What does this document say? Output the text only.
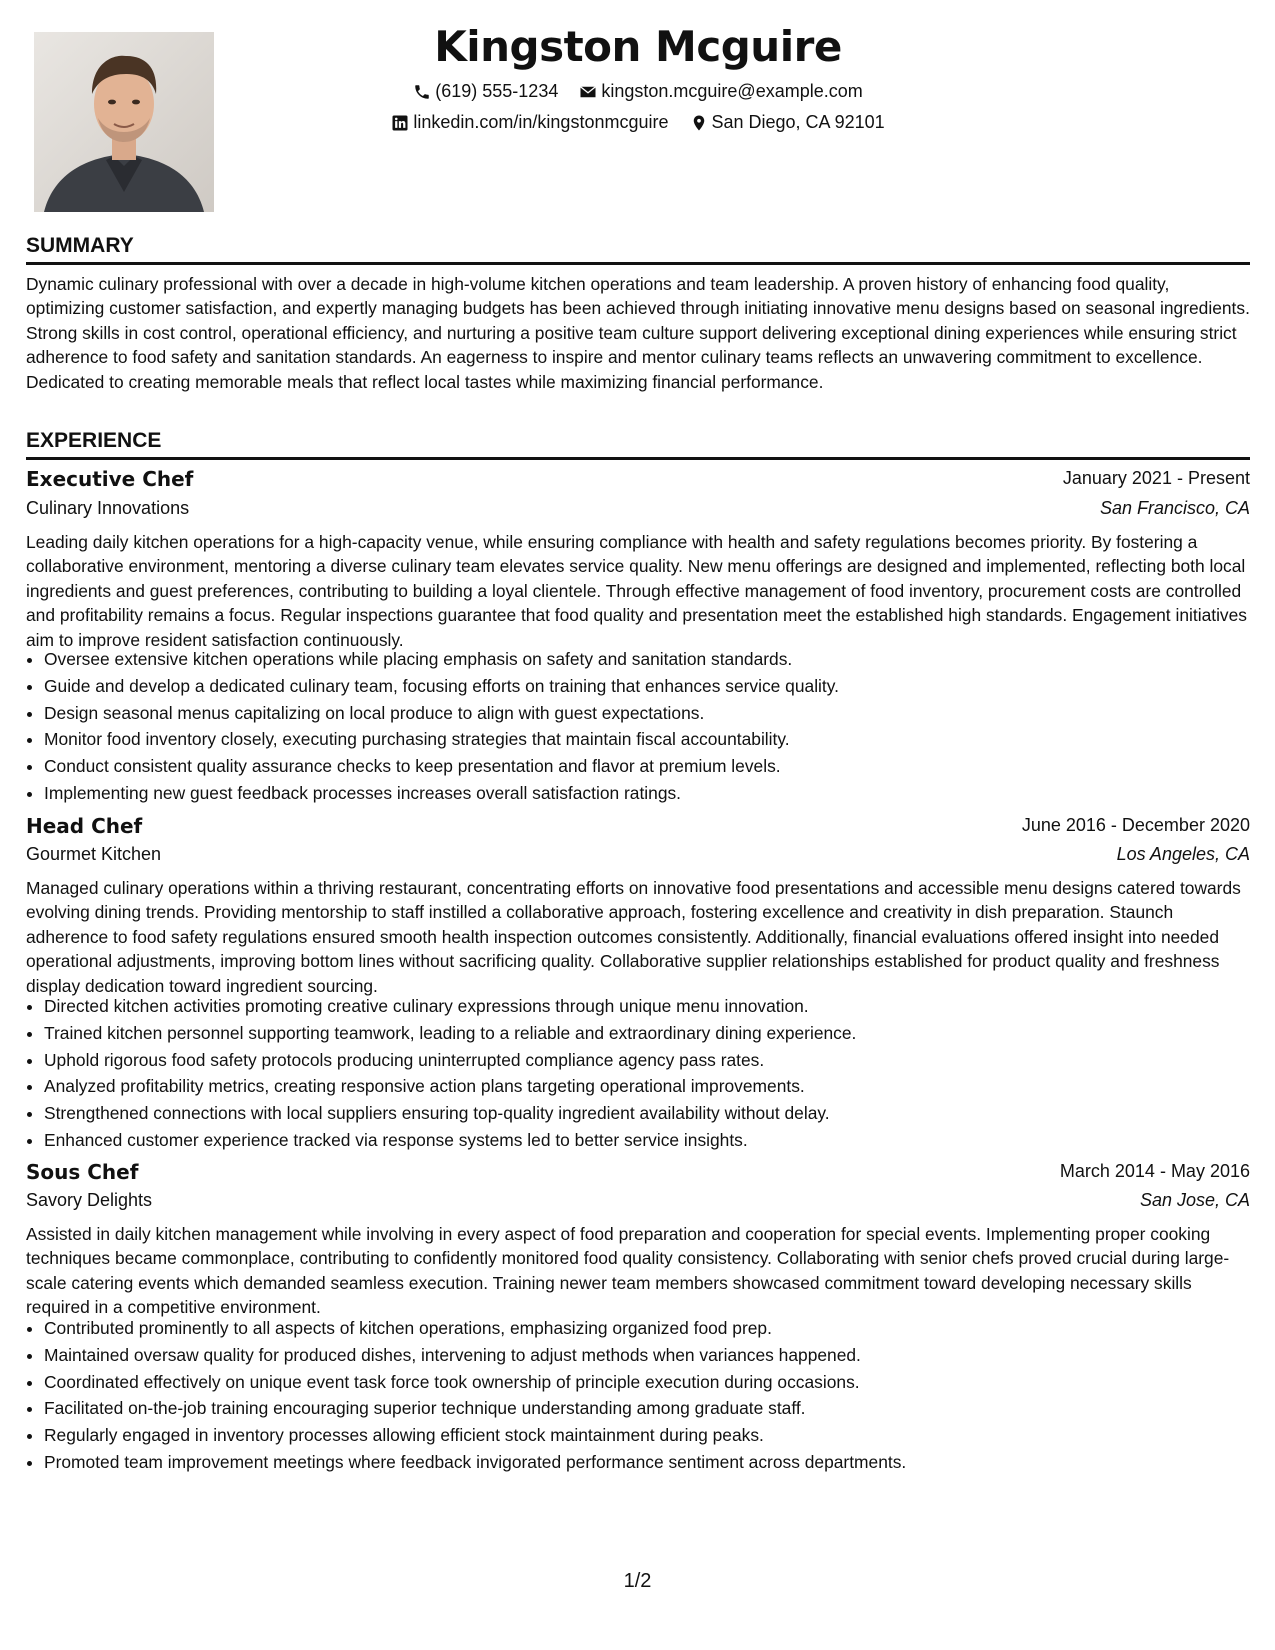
Kingston Mcguire
(619) 555-1234
kingston.mcguire@example.com
linkedin.com/in/kingstonmcguire
San Diego, CA 92101
SUMMARY

Dynamic culinary professional with over a decade in high-volume kitchen operations and team leadership. A proven history of enhancing food quality, optimizing customer satisfaction, and expertly managing budgets has been achieved through initiating innovative menu designs based on seasonal ingredients. Strong skills in cost control, operational efficiency, and nurturing a positive team culture support delivering exceptional dining experiences while ensuring strict adherence to food safety and sanitation standards. An eagerness to inspire and mentor culinary teams reflects an unwavering commitment to excellence. Dedicated to creating memorable meals that reflect local tastes while maximizing financial performance.

EXPERIENCE
Executive Chef	January 2021 - Present
Culinary Innovations	San Francisco, CA

Leading daily kitchen operations for a high-capacity venue, while ensuring compliance with health and safety regulations becomes priority. By fostering a collaborative environment, mentoring a diverse culinary team elevates service quality. New menu offerings are designed and implemented, reflecting both local ingredients and guest preferences, contributing to building a loyal clientele. Through effective management of food inventory, procurement costs are controlled and profitability remains a focus. Regular inspections guarantee that food quality and presentation meet the established high standards. Engagement initiatives aim to improve resident satisfaction continuously.

• Oversee extensive kitchen operations while placing emphasis on safety and sanitation standards.
• Guide and develop a dedicated culinary team, focusing efforts on training that enhances service quality.
• Design seasonal menus capitalizing on local produce to align with guest expectations.
• Monitor food inventory closely, executing purchasing strategies that maintain fiscal accountability.
• Conduct consistent quality assurance checks to keep presentation and flavor at premium levels.
• Implementing new guest feedback processes increases overall satisfaction ratings.
Head Chef	June 2016 - December 2020
Gourmet Kitchen	Los Angeles, CA

Managed culinary operations within a thriving restaurant, concentrating efforts on innovative food presentations and accessible menu designs catered towards evolving dining trends. Providing mentorship to staff instilled a collaborative approach, fostering excellence and creativity in dish preparation. Staunch adherence to food safety regulations ensured smooth health inspection outcomes consistently. Additionally, financial evaluations offered insight into needed operational adjustments, improving bottom lines without sacrificing quality. Collaborative supplier relationships established for product quality and freshness display dedication toward ingredient sourcing.

• Directed kitchen activities promoting creative culinary expressions through unique menu innovation.
• Trained kitchen personnel supporting teamwork, leading to a reliable and extraordinary dining experience.
• Uphold rigorous food safety protocols producing uninterrupted compliance agency pass rates.
• Analyzed profitability metrics, creating responsive action plans targeting operational improvements.
• Strengthened connections with local suppliers ensuring top-quality ingredient availability without delay.
• Enhanced customer experience tracked via response systems led to better service insights.
Sous Chef	March 2014 - May 2016
Savory Delights	San Jose, CA

Assisted in daily kitchen management while involving in every aspect of food preparation and cooperation for special events. Implementing proper cooking techniques became commonplace, contributing to confidently monitored food quality consistency. Collaborating with senior chefs proved crucial during large-scale catering events which demanded seamless execution. Training newer team members showcased commitment toward developing necessary skills required in a competitive environment.

• Contributed prominently to all aspects of kitchen operations, emphasizing organized food prep.
• Maintained oversaw quality for produced dishes, intervening to adjust methods when variances happened.
• Coordinated effectively on unique event task force took ownership of principle execution during occasions.
• Facilitated on-the-job training encouraging superior technique understanding among graduate staff.
• Regularly engaged in inventory processes allowing efficient stock maintainment during peaks.
• Promoted team improvement meetings where feedback invigorated performance sentiment across departments.
1/2
